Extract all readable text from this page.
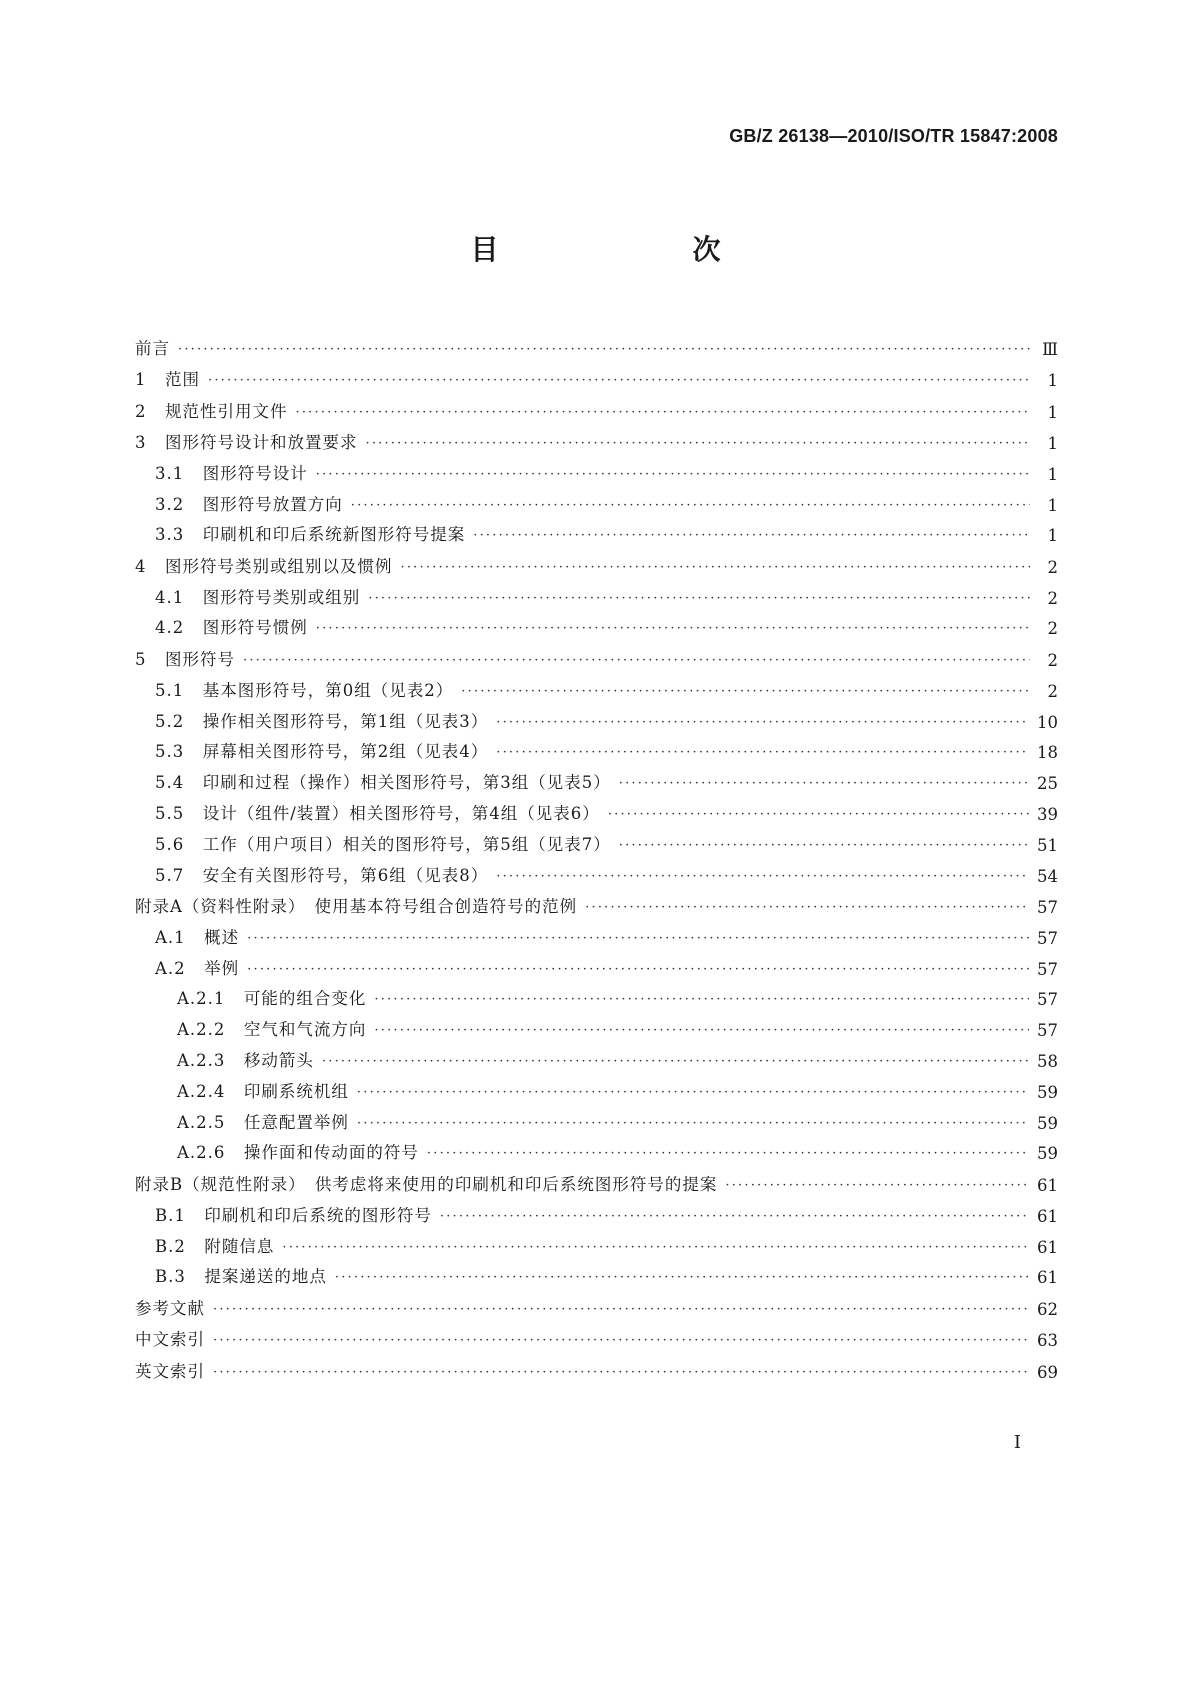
GB/Z 26138—2010/ISO/TR 15847:2008
目　　次
前言 ·····	Ⅲ
1   范围 ·····	1
2   规范性引用文件 ·····	1
3   图形符号设计和放置要求 ·····	1
3.1   图形符号设计 ·····	1
3.2   图形符号放置方向 ·····	1
3.3   印刷机和印后系统新图形符号提案 ·····	1
4   图形符号类别或组别以及惯例 ·····	2
4.1   图形符号类别或组别 ·····	2
4.2   图形符号惯例 ·····	2
5   图形符号 ·····	2
5.1   基本图形符号，第0组（见表2） ·····	2
5.2   操作相关图形符号，第1组（见表3） ·····	10
5.3   屏幕相关图形符号，第2组（见表4） ·····	18
5.4   印刷和过程（操作）相关图形符号，第3组（见表5） ·····	25
5.5   设计（组件/装置）相关图形符号，第4组（见表6） ·····	39
5.6   工作（用户项目）相关的图形符号，第5组（见表7） ·····	51
5.7   安全有关图形符号，第6组（见表8） ·····	54
附录A（资料性附录）　使用基本符号组合创造符号的范例 ·····	57
A.1   概述 ·····	57
A.2   举例 ·····	57
A.2.1   可能的组合变化 ·····	57
A.2.2   空气和气流方向 ·····	57
A.2.3   移动箭头 ·····	58
A.2.4   印刷系统机组 ·····	59
A.2.5   任意配置举例 ·····	59
A.2.6   操作面和传动面的符号 ·····	59
附录B（规范性附录）　供考虑将来使用的印刷机和印后系统图形符号的提案 ·····	61
B.1   印刷机和印后系统的图形符号 ·····	61
B.2   附随信息 ·····	61
B.3   提案递送的地点 ·····	61
参考文献 ·····	62
中文索引 ·····	63
英文索引 ·····	69
I
